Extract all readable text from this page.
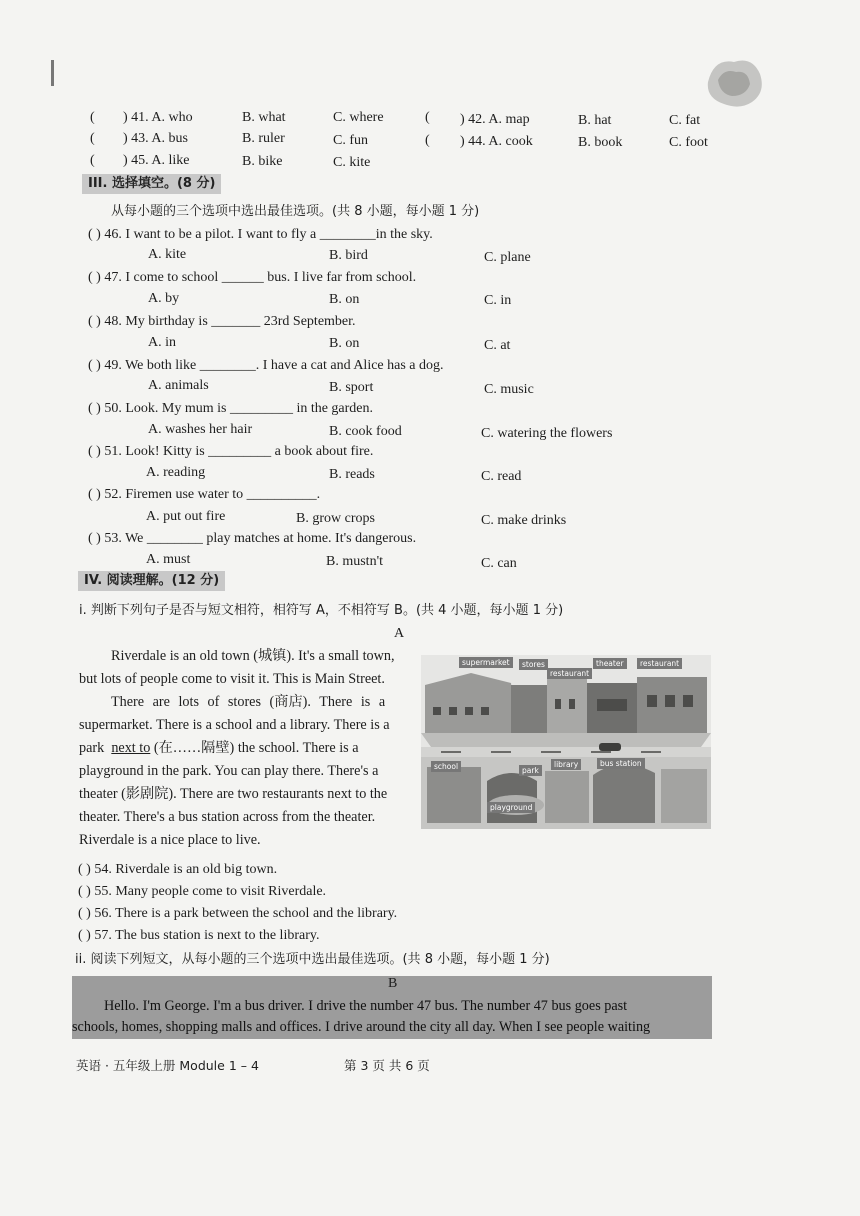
( ) 41. A. who	B. what	C. where	( ) 42. A. map	B. hat	C. fat
( ) 43. A. bus	B. ruler	C. fun	( ) 44. A. cook	B. book	C. foot
( ) 45. A. like	B. bike	C. kite
III. 选择填空。(8 分)
从每小题的三个选项中选出最佳选项。(共 8 小题，每小题 1 分)
( ) 46. I want to be a pilot. I want to fly a ________in the sky.
A. kite	B. bird	C. plane
( ) 47. I come to school ______ bus. I live far from school.
A. by	B. on	C. in
( ) 48. My birthday is _______ 23rd September.
A. in	B. on	C. at
( ) 49. We both like ________. I have a cat and Alice has a dog.
A. animals	B. sport	C. music
( ) 50. Look. My mum is _________ in the garden.
A. washes her hair	B. cook food	C. watering the flowers
( ) 51. Look! Kitty is _________ a book about fire.
A. reading	B. reads	C. read
( ) 52. Firemen use water to __________.
A. put out fire	B. grow crops	C. make drinks
( ) 53. We ________ play matches at home. It's dangerous.
A. must	B. mustn't	C. can
IV. 阅读理解。(12 分)
i. 判断下列句子是否与短文相符，相符写 A，不相符写 B。(共 4 小题，每小题 1 分)
A
Riverdale is an old town (城镇). It's a small town,
but lots of people come to visit it. This is Main Street.
There are lots of stores (商店). There is a
supermarket. There is a school and a library. There is a
park next to (在……隔壁) the school. There is a
playground in the park. You can play there. There's a
theater (影剧院). There are two restaurants next to the
theater. There's a bus station across from the theater.
Riverdale is a nice place to live.
supermarket	stores
restaurant
theater	restaurant
school	park
library	bus station
playground
( ) 54. Riverdale is an old big town.
( ) 55. Many people come to visit Riverdale.
( ) 56. There is a park between the school and the library.
( ) 57. The bus station is next to the library.
ii. 阅读下列短文，从每小题的三个选项中选出最佳选项。(共 8 小题，每小题 1 分)
B
Hello. I'm George. I'm a bus driver. I drive the number 47 bus. The number 47 bus goes past
schools, homes, shopping malls and offices. I drive around the city all day. When I see people waiting
英语 · 五年级上册 Module 1 – 4	第 3 页 共 6 页
